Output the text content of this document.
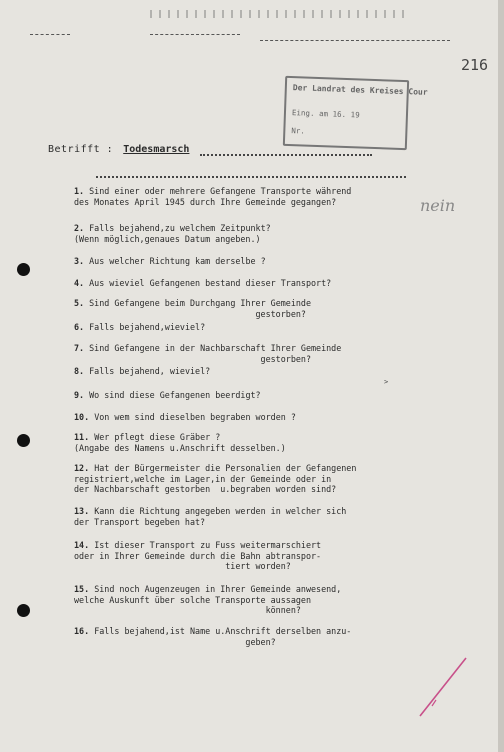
216
Der Landrat des Kreises Cour
Eing. am 16. 19
Nr.
Betrifft : Todesmarsch
nein
1. Sind einer oder mehrere Gefangene Transporte während
des Monates April 1945 durch Ihre Gemeinde gegangen?
2. Falls bejahend,zu welchem Zeitpunkt?
(Wenn möglich,genaues Datum angeben.)
3. Aus welcher Richtung kam derselbe ?
4. Aus wieviel Gefangenen bestand dieser Transport?
5. Sind Gefangene beim Durchgang Ihrer Gemeinde
gestorben?
6. Falls bejahend,wieviel?
7. Sind Gefangene in der Nachbarschaft Ihrer Gemeinde
gestorben?
8. Falls bejahend, wieviel?
9. Wo sind diese Gefangenen beerdigt?
10. Von wem sind dieselben begraben worden ?
11. Wer pflegt diese Gräber ?
(Angabe des Namens u.Anschrift desselben.)
12. Hat der Bürgermeister die Personalien der Gefangenen
registriert,welche im Lager,in der Gemeinde oder in
der Nachbarschaft gestorben  u.begraben worden sind?
13. Kann die Richtung angegeben werden in welcher sich
der Transport begeben hat?
14. Ist dieser Transport zu Fuss weitermarschiert
oder in Ihrer Gemeinde durch die Bahn abtranspor-
tiert worden?
15. Sind noch Augenzeugen in Ihrer Gemeinde anwesend,
welche Auskunft über solche Transporte aussagen
können?
16. Falls bejahend,ist Name u.Anschrift derselben anzu-
geben?
>
